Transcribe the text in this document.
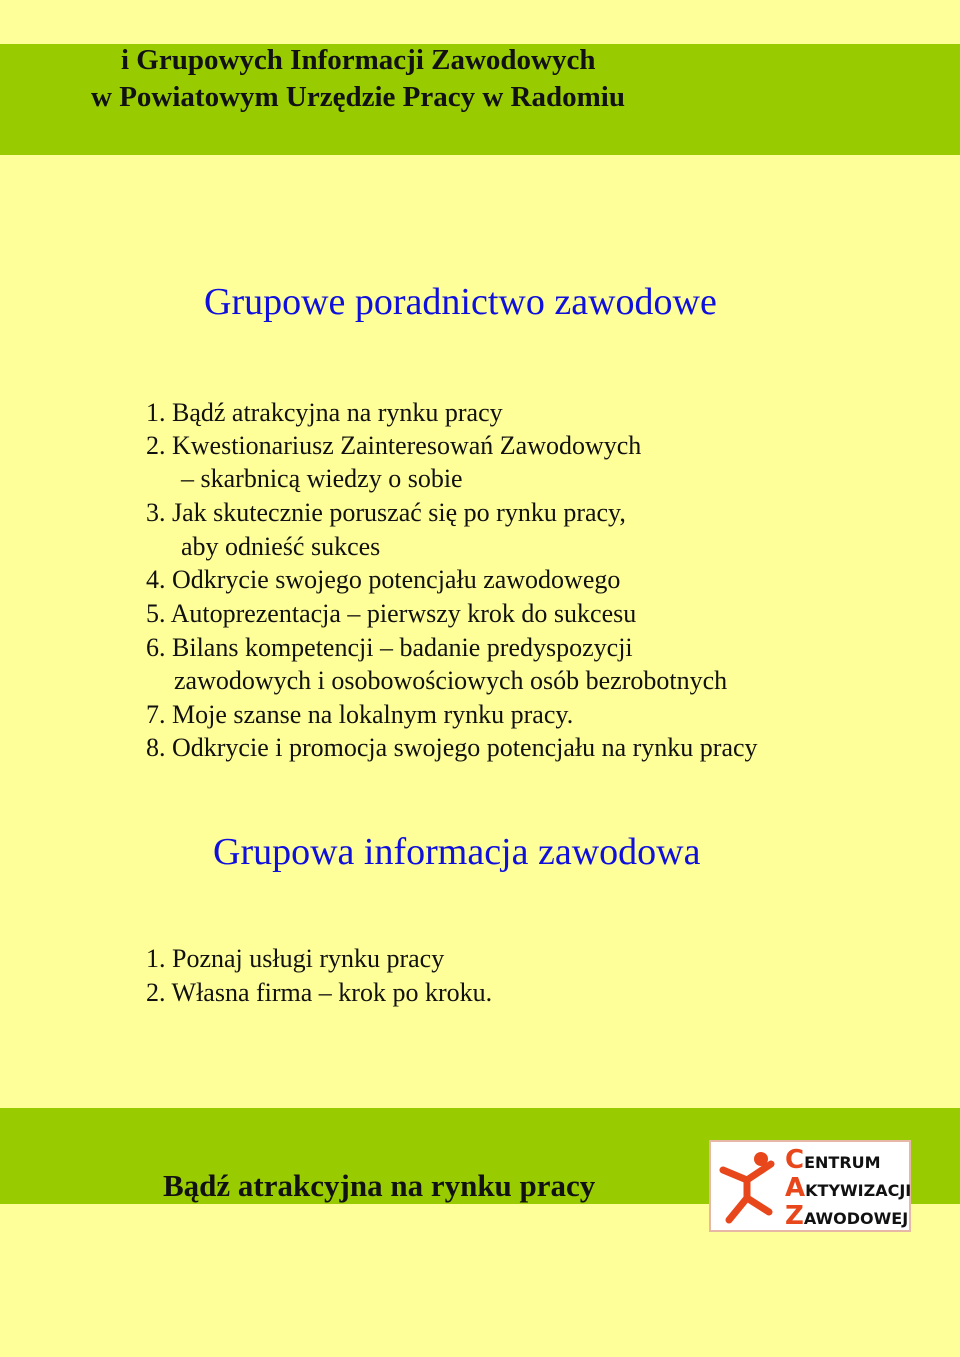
i Grupowych Informacji Zawodowych
w Powiatowym Urzędzie Pracy w Radomiu
Grupowe poradnictwo zawodowe
1. Bądź atrakcyjna na rynku pracy
2. Kwestionariusz Zainteresowań Zawodowych
– skarbnicą wiedzy o sobie
3. Jak skutecznie poruszać się po rynku pracy,
aby odnieść sukces
4. Odkrycie swojego potencjału zawodowego
5. Autoprezentacja – pierwszy krok do sukcesu
6. Bilans kompetencji – badanie predyspozycji
zawodowych i osobowościowych osób bezrobotnych
7. Moje szanse na lokalnym rynku pracy.
8. Odkrycie i promocja swojego potencjału na rynku pracy
Grupowa informacja zawodowa
1. Poznaj usługi rynku pracy
2. Własna firma – krok po kroku.
Bądź atrakcyjna na rynku pracy
CENTRUM
AKTYWIZACJI
ZAWODOWEJ
